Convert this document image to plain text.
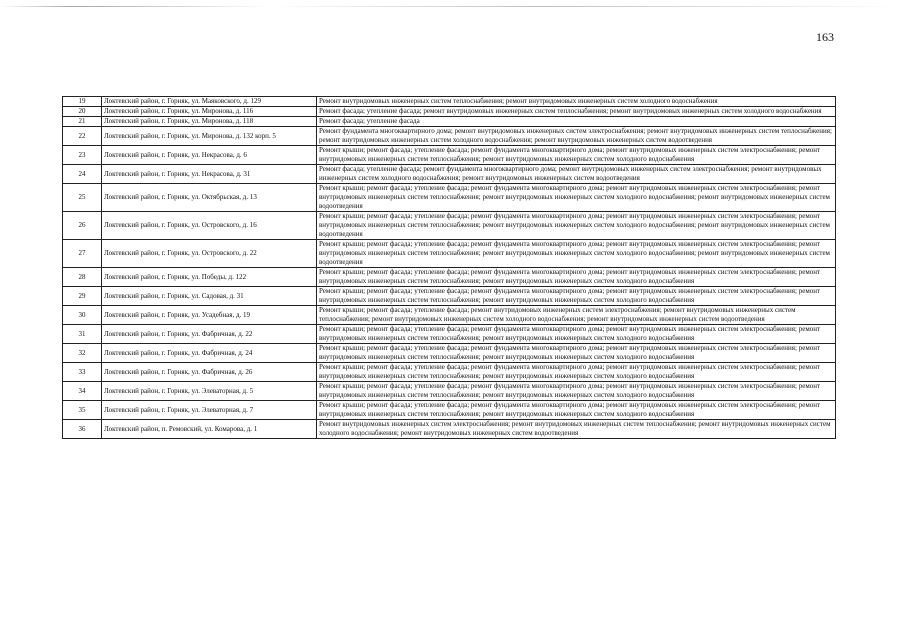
163
19	Локтевский район, г. Горняк, ул. Маяковского, д. 129	Ремонт внутридомовых инженерных систем теплоснабжения; ремонт внутридомовых инженерных систем холодного водоснабжения
20	Локтевский район, г. Горняк, ул. Миронова, д. 116	Ремонт фасада; утепление фасада; ремонт внутридомовых инженерных систем теплоснабжения; ремонт внутридомовых инженерных систем холодного водоснабжения
21	Локтевский район, г. Горняк, ул. Миронова, д. 118	Ремонт фасада; утепление фасада
22	Локтевский район, г. Горняк, ул. Миронова, д. 132 корп. 5	Ремонт фундамента многоквартирного дома; ремонт внутридомовых инженерных систем электроснабжения; ремонт внутридомовых инженерных систем теплоснабжения; ремонт внутридомовых инженерных систем холодного водоснабжения; ремонт внутридомовых инженерных систем водоотведения
23	Локтевский район, г. Горняк, ул. Некрасова, д. 6	Ремонт крыши; ремонт фасада; утепление фасада; ремонт фундамента многоквартирного дома; ремонт внутридомовых инженерных систем электроснабжения; ремонт внутридомовых инженерных систем теплоснабжения; ремонт внутридомовых инженерных систем холодного водоснабжения
24	Локтевский район, г. Горняк, ул. Некрасова, д. 31	Ремонт фасада; утепление фасада; ремонт фундамента многоквартирного дома; ремонт внутридомовых инженерных систем электроснабжения; ремонт внутридомовых инженерных систем холодного водоснабжения; ремонт внутридомовых инженерных систем водоотведения
25	Локтевский район, г. Горняк, ул. Октябрьская, д. 13	Ремонт крыши; ремонт фасада; утепление фасада; ремонт фундамента многоквартирного дома; ремонт внутридомовых инженерных систем электроснабжения; ремонт внутридомовых инженерных систем теплоснабжения; ремонт внутридомовых инженерных систем холодного водоснабжения; ремонт внутридомовых инженерных систем водоотведения
26	Локтевский район, г. Горняк, ул. Островского, д. 16	Ремонт крыши; ремонт фасада; утепление фасада; ремонт фундамента многоквартирного дома; ремонт внутридомовых инженерных систем электроснабжения; ремонт внутридомовых инженерных систем теплоснабжения; ремонт внутридомовых инженерных систем холодного водоснабжения; ремонт внутридомовых инженерных систем водоотведения
27	Локтевский район, г. Горняк, ул. Островского, д. 22	Ремонт крыши; ремонт фасада; утепление фасада; ремонт фундамента многоквартирного дома; ремонт внутридомовых инженерных систем электроснабжения; ремонт внутридомовых инженерных систем теплоснабжения; ремонт внутридомовых инженерных систем холодного водоснабжения; ремонт внутридомовых инженерных систем водоотведения
28	Локтевский район, г. Горняк, ул. Победы, д. 122	Ремонт крыши; ремонт фасада; утепление фасада; ремонт фундамента многоквартирного дома; ремонт внутридомовых инженерных систем электроснабжения; ремонт внутридомовых инженерных систем теплоснабжения; ремонт внутридомовых инженерных систем холодного водоснабжения
29	Локтевский район, г. Горняк, ул. Садовая, д. 31	Ремонт крыши; ремонт фасада; утепление фасада; ремонт фундамента многоквартирного дома; ремонт внутридомовых инженерных систем электроснабжения; ремонт внутридомовых инженерных систем теплоснабжения; ремонт внутридомовых инженерных систем холодного водоснабжения
30	Локтевский район, г. Горняк, ул. Усадебная, д. 19	Ремонт крыши; ремонт фасада; утепление фасада; ремонт внутридомовых инженерных систем электроснабжения; ремонт внутридомовых инженерных систем теплоснабжения; ремонт внутридомовых инженерных систем холодного водоснабжения; ремонт внутридомовых инженерных систем водоотведения
31	Локтевский район, г. Горняк, ул. Фабричная, д. 22	Ремонт крыши; ремонт фасада; утепление фасада; ремонт фундамента многоквартирного дома; ремонт внутридомовых инженерных систем электроснабжения; ремонт внутридомовых инженерных систем теплоснабжения; ремонт внутридомовых инженерных систем холодного водоснабжения
32	Локтевский район, г. Горняк, ул. Фабричная, д. 24	Ремонт крыши; ремонт фасада; утепление фасада; ремонт фундамента многоквартирного дома; ремонт внутридомовых инженерных систем электроснабжения; ремонт внутридомовых инженерных систем теплоснабжения; ремонт внутридомовых инженерных систем холодного водоснабжения
33	Локтевский район, г. Горняк, ул. Фабричная, д. 26	Ремонт крыши; ремонт фасада; утепление фасада; ремонт фундамента многоквартирного дома; ремонт внутридомовых инженерных систем электроснабжения; ремонт внутридомовых инженерных систем теплоснабжения; ремонт внутридомовых инженерных систем холодного водоснабжения
34	Локтевский район, г. Горняк, ул. Элеваторная, д. 5	Ремонт крыши; ремонт фасада; утепление фасада; ремонт фундамента многоквартирного дома; ремонт внутридомовых инженерных систем электроснабжения; ремонт внутридомовых инженерных систем теплоснабжения; ремонт внутридомовых инженерных систем холодного водоснабжения
35	Локтевский район, г. Горняк, ул. Элеваторная, д. 7	Ремонт крыши; ремонт фасада; утепление фасада; ремонт фундамента многоквартирного дома; ремонт внутридомовых инженерных систем электроснабжения; ремонт внутридомовых инженерных систем теплоснабжения; ремонт внутридомовых инженерных систем холодного водоснабжения
36	Локтевский район, п. Ремовский, ул. Комарова, д. 1	Ремонт внутридомовых инженерных систем электроснабжения; ремонт внутридомовых инженерных систем теплоснабжения; ремонт внутридомовых инженерных систем холодного водоснабжения; ремонт внутридомовых инженерных систем водоотведения
